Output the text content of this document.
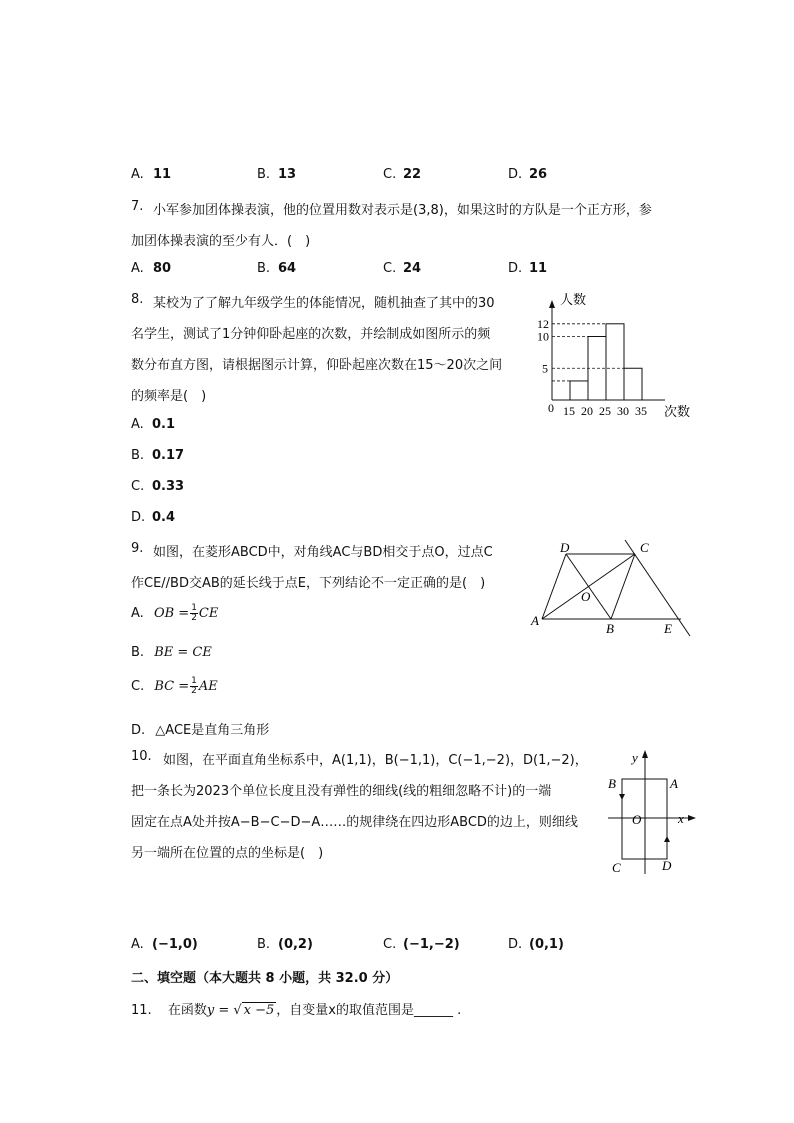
A. 11	B. 13	C. 22	D. 26
7. 小军参加团体操表演，他的位置用数对表示是(3,8)，如果这时的方队是一个正方形，参
加团体操表演的至少有人．(　)
A. 80	B. 64	C. 24	D. 11
8. 某校为了了解九年级学生的体能情况，随机抽查了其中的30
名学生，测试了1分钟仰卧起座的次数，并绘制成如图所示的频
数分布直方图，请根据图示计算，仰卧起座次数在15～20次之间
的频率是(　)
A. 0.1
B. 0.17
C. 0.33
D. 0.4
人数
次数
0
5
10
12
15 20 25 30 35
9. 如图，在菱形ABCD中，对角线AC与BD相交于点O，过点C
作CE//BD交AB的延长线于点E，下列结论不一定正确的是(　)
A. OB = $\frac{1}{2}$ CE
B. BE = CE
C. BC = $\frac{1}{2}$ AE
D. △ACE是直角三角形
D	C
O
A
B	E
10. 如图，在平面直角坐标系中，A(1,1)，B(−1,1)，C(−1,−2)，D(1,−2)，
把一条长为2023个单位长度且没有弹性的细线(线的粗细忽略不计)的一端
固定在点A处并按A−B−C−D−A……的规律绕在四边形ABCD的边上，则细线
另一端所在位置的点的坐标是(　)
y
x
O
A
B
C	D
A. (−1,0)	B. (0,2)	C. (−1,−2)	D. (0,1)
二、填空题（本大题共 8 小题，共 32.0 分）
11. 在函数y = √ x −5 ，自变量x的取值范围是______ .
